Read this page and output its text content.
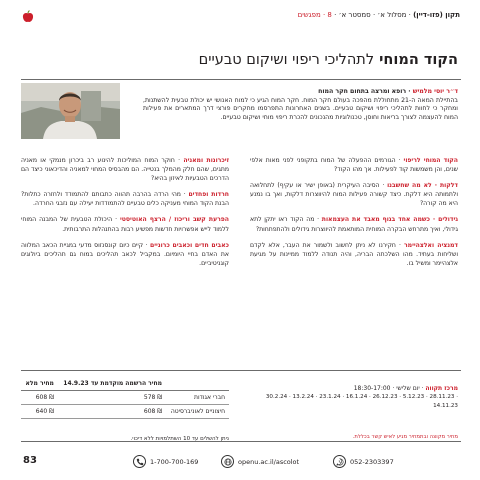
תקון (פזו-דיין) · מסלול א׳ · סמסטר א׳ · 8 · מפגשים
הקוד המוחי לתהליכי ריפוי ושיקום טבעיים
ד״ר יוסי מלמיש · רופא ומרצה בתחום חקר המוח
בהתיילת המאה ה-21 מתחוללת מהפכה בעולם חקר המוח. חקר המוח הגיע כי למוח האנושי יש יכולת טבעית להשתנות, ומחקר כי לחוות לתהליכי ריפוי ושיקום טבעיים. בשנים האחרונות התפרסמו מחקרים פורצי דרך המתארים את פעילות המוח להעצמה לצורך בריאות וחוסן, טכנולוגיות מהנכונים להכרת ריפוי מוחי ושיקום טבעיים.

הקוד המוחי לריפוי · הגורמים ההפעלה של המוח בתקופני לפני מאות אלפי שנים, והן משמשות קוד לפעילות. אך מהו הקוד?

דלקות · לא מה שחשבנו · הסיבה העיקרית (באופן ישיר או עקיף) לתחלואה ולתמותה היא דלקת. כיצד קשורה פעילות המוח להיווצרות דלקות, ואך בו נמנע היא מה קורה?

גידולים · כשמה אחד בגוף מאבד את העצמאות · מה הקוד ראו יתקן לתא גידולי, ואיך מתרחש הבקרה המוחית המותאמת להיווצרות גידולים ולהתפתחות?

דמנציה ואלצהיימר · חקירנו לא ניתן לחשוב ולשמור את העבר, אלא לקדם ושליחות בעתיד. מהו השלכתה הבריה, והיה תנודה ללמוד ממיינות על מגיעת אלצהיימר ומשיל בו.

זיכרונות ומאניה · חוקר המוח המוליכות להינוע רב ביכרון מנמקי או מאניה מתגים, שהם חלק מהמלך בנטייה. הם מהבסיס המחוי למאניה והדיכאוני כיצד הם הדרכים הטבעיות לאיזון בהיא?

חרדות ופחדים · מהי הרדה בהרבה תהווה כתבותם להתמודד ולחזרה כתלות? הבנת הקוד המוחי מעניקה כלים טבעיים להתמודדות יעילה עם נזבגי החרדה.

הפרעת קשב וריכוז / הרצף האוטיסטי · היכולת הטבעית של המבנה המוחי ללמוד לייש אפשרויות חדשות מפשיע רבות בהתנהלות התרבותית.

כאבים חדים וכאבים כרוניים · קיים כיום קונסנזוס מדעי במגיית הכאב המלווה את האדם בחיי היומיום. במקביל לכאב תהליכים במוח גם תהליכים ביולוגים קוגניטיביים.

מרכז תקווה · יום שלישי · 18:30-17:00
30.2.24 · 13.2.24 · 23.1.24 · 16.1.24 · 26.12.23 · 5.12.23 · 28.11.23 · 14.11.23
	מחיר הרשמה מוקדמת עד 14.9.23	מחיר מלא
חברי אגודות	578 ₪	608 ₪
חיצוניים לאוניברסיטה	608 ₪	640 ₪
ניתן להשלים עד 10 השתלמויות ללא דיכוי.	מחיר מקוצה ובתמחיר מגיע לאיש קשר בכללת.
83	1-700-700-169	openu.ac.il/ascolot	052-2303397
